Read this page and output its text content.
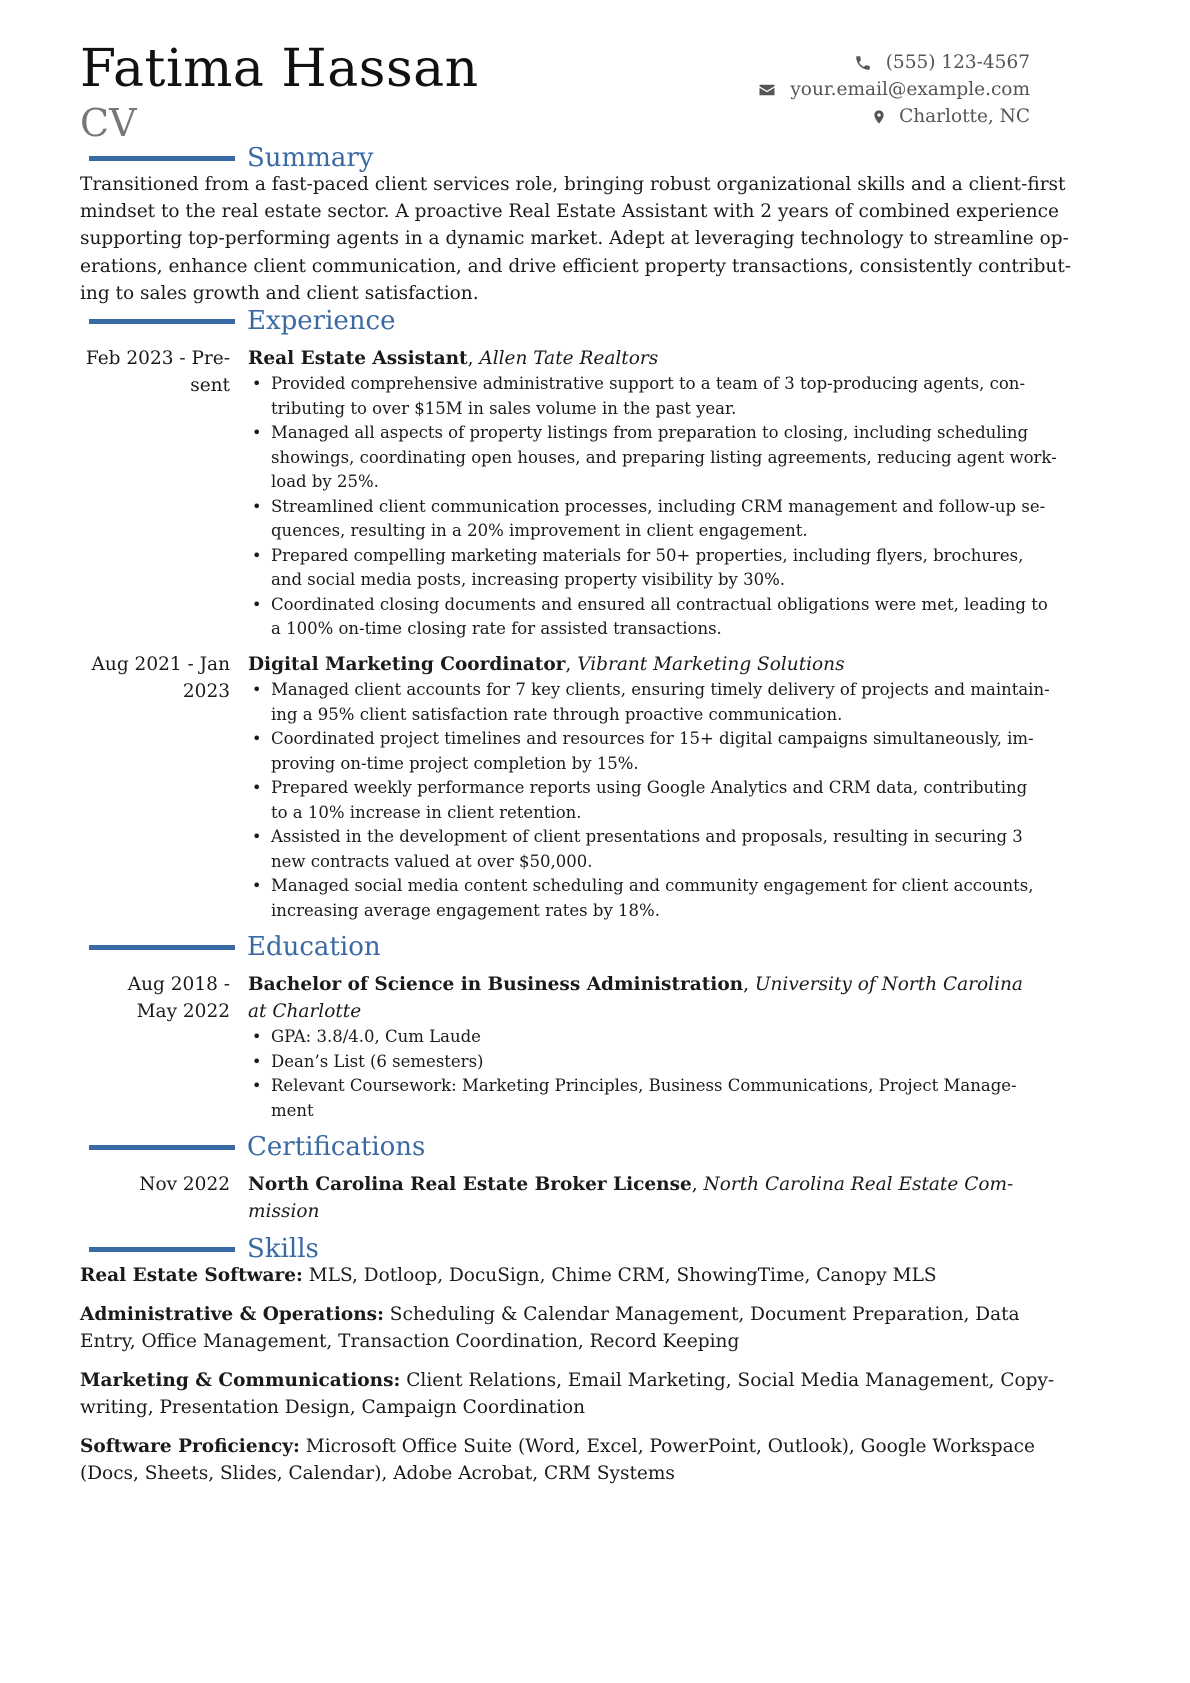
Fatima Hassan
CV
(555) 123-4567
your.email@example.com
Charlotte, NC
Summary
Transitioned from a fast-paced client services role, bringing robust organizational skills and a client-first
mindset to the real estate sector. A proactive Real Estate Assistant with 2 years of combined experience
supporting top-performing agents in a dynamic market. Adept at leveraging technology to streamline op-
erations, enhance client communication, and drive efficient property transactions, consistently contribut-
ing to sales growth and client satisfaction.
Experience
Feb 2023 - Pre-
sent
Real Estate Assistant, Allen Tate Realtors
• Provided comprehensive administrative support to a team of 3 top-producing agents, con-
tributing to over $15M in sales volume in the past year.
• Managed all aspects of property listings from preparation to closing, including scheduling
showings, coordinating open houses, and preparing listing agreements, reducing agent work-
load by 25%.
• Streamlined client communication processes, including CRM management and follow-up se-
quences, resulting in a 20% improvement in client engagement.
• Prepared compelling marketing materials for 50+ properties, including flyers, brochures,
and social media posts, increasing property visibility by 30%.
• Coordinated closing documents and ensured all contractual obligations were met, leading to
a 100% on-time closing rate for assisted transactions.
Aug 2021 - Jan
2023
Digital Marketing Coordinator, Vibrant Marketing Solutions
• Managed client accounts for 7 key clients, ensuring timely delivery of projects and maintain-
ing a 95% client satisfaction rate through proactive communication.
• Coordinated project timelines and resources for 15+ digital campaigns simultaneously, im-
proving on-time project completion by 15%.
• Prepared weekly performance reports using Google Analytics and CRM data, contributing
to a 10% increase in client retention.
• Assisted in the development of client presentations and proposals, resulting in securing 3
new contracts valued at over $50,000.
• Managed social media content scheduling and community engagement for client accounts,
increasing average engagement rates by 18%.
Education
Aug 2018 -
May 2022
Bachelor of Science in Business Administration, University of North Carolina
at Charlotte
• GPA: 3.8/4.0, Cum Laude
• Dean’s List (6 semesters)
• Relevant Coursework: Marketing Principles, Business Communications, Project Manage-
ment
Certifications
Nov 2022 North Carolina Real Estate Broker License, North Carolina Real Estate Com-
mission
Skills
Real Estate Software: MLS, Dotloop, DocuSign, Chime CRM, ShowingTime, Canopy MLS
Administrative & Operations: Scheduling & Calendar Management, Document Preparation, Data
Entry, Office Management, Transaction Coordination, Record Keeping
Marketing & Communications: Client Relations, Email Marketing, Social Media Management, Copy-
writing, Presentation Design, Campaign Coordination
Software Proficiency: Microsoft Office Suite (Word, Excel, PowerPoint, Outlook), Google Workspace
(Docs, Sheets, Slides, Calendar), Adobe Acrobat, CRM Systems
